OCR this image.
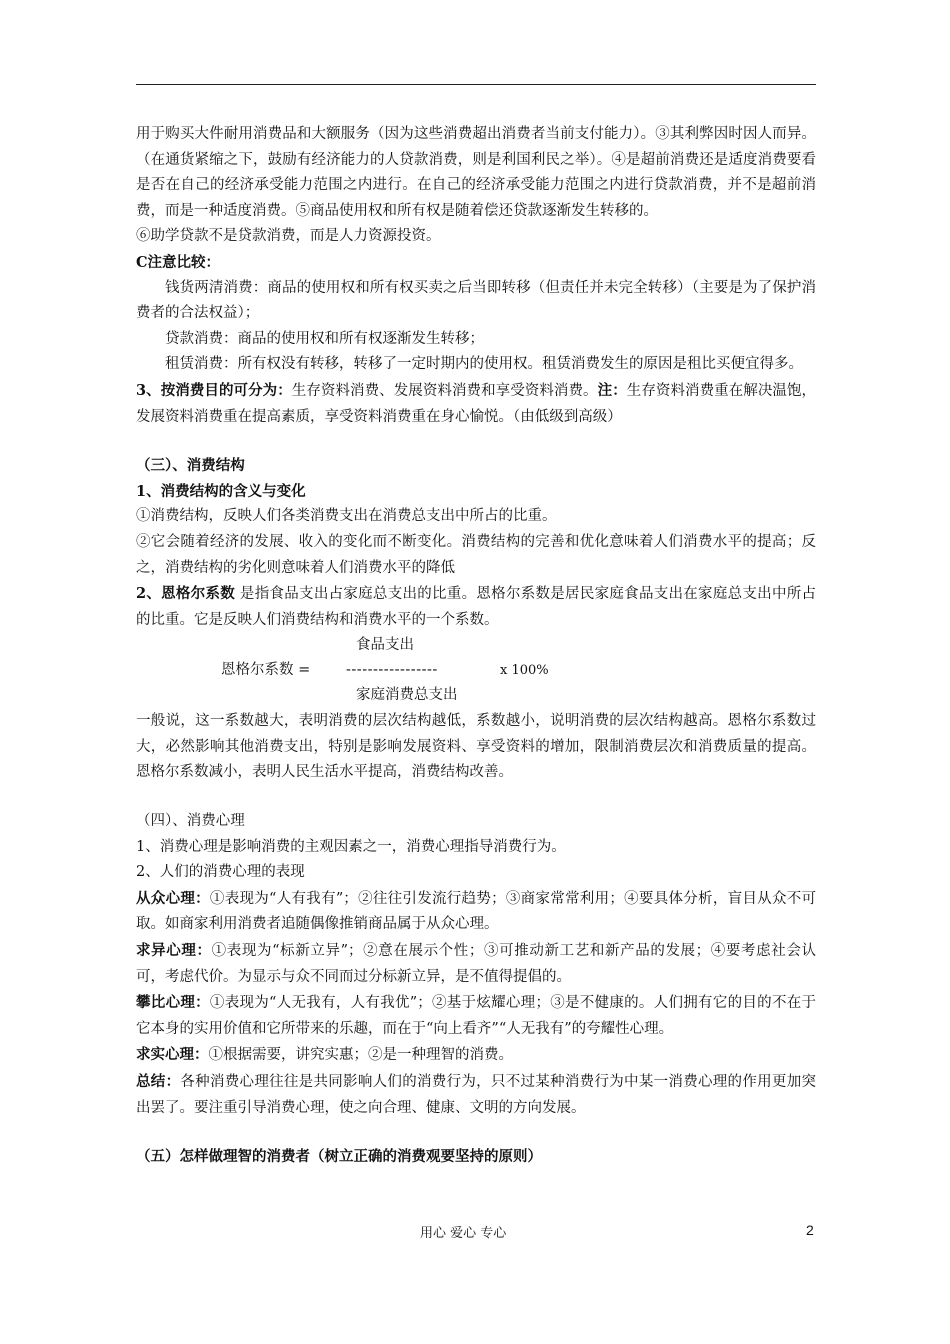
用于购买大件耐用消费品和大额服务（因为这些消费超出消费者当前支付能力）。③其利弊因时因人而异。（在通货紧缩之下，鼓励有经济能力的人贷款消费，则是利国利民之举）。④是超前消费还是适度消费要看是否在自己的经济承受能力范围之内进行。在自己的经济承受能力范围之内进行贷款消费，并不是超前消费，而是一种适度消费。⑤商品使用权和所有权是随着偿还贷款逐渐发生转移的。

⑥助学贷款不是贷款消费，而是人力资源投资。

C注意比较：

钱货两清消费：商品的使用权和所有权买卖之后当即转移（但责任并未完全转移）（主要是为了保护消费者的合法权益）；

贷款消费：商品的使用权和所有权逐渐发生转移；

租赁消费：所有权没有转移，转移了一定时期内的使用权。租赁消费发生的原因是租比买便宜得多。

3、按消费目的可分为：生存资料消费、发展资料消费和享受资料消费。注：生存资料消费重在解决温饱，发展资料消费重在提高素质，享受资料消费重在身心愉悦。（由低级到高级）

（三）、消费结构

1、消费结构的含义与变化

①消费结构，反映人们各类消费支出在消费总支出中所占的比重。

②它会随着经济的发展、收入的变化而不断变化。消费结构的完善和优化意味着人们消费水平的提高；反之，消费结构的劣化则意味着人们消费水平的降低

2、恩格尔系数 是指食品支出占家庭总支出的比重。恩格尔系数是居民家庭食品支出在家庭总支出中所占的比重。它是反映人们消费结构和消费水平的一个系数。

食品支出
恩格尔系数 = -----------------	x 100%
家庭消费总支出

一般说，这一系数越大，表明消费的层次结构越低，系数越小，说明消费的层次结构越高。恩格尔系数过大，必然影响其他消费支出，特别是影响发展资料、享受资料的增加，限制消费层次和消费质量的提高。恩格尔系数减小，表明人民生活水平提高，消费结构改善。

（四）、消费心理

1、消费心理是影响消费的主观因素之一，消费心理指导消费行为。

2、人们的消费心理的表现

从众心理：①表现为“人有我有”；②往往引发流行趋势；③商家常常利用；④要具体分析，盲目从众不可取。如商家利用消费者追随偶像推销商品属于从众心理。

求异心理：①表现为“标新立异”；②意在展示个性；③可推动新工艺和新产品的发展；④要考虑社会认可，考虑代价。为显示与众不同而过分标新立异，是不值得提倡的。

攀比心理：①表现为“人无我有，人有我优”；②基于炫耀心理；③是不健康的。人们拥有它的目的不在于它本身的实用价值和它所带来的乐趣，而在于“向上看齐”“人无我有”的夸耀性心理。

求实心理：①根据需要，讲究实惠；②是一种理智的消费。

总结：各种消费心理往往是共同影响人们的消费行为，只不过某种消费行为中某一消费心理的作用更加突出罢了。要注重引导消费心理，使之向合理、健康、文明的方向发展。

（五）怎样做理智的消费者（树立正确的消费观要坚持的原则）

用心 爱心 专心	2
